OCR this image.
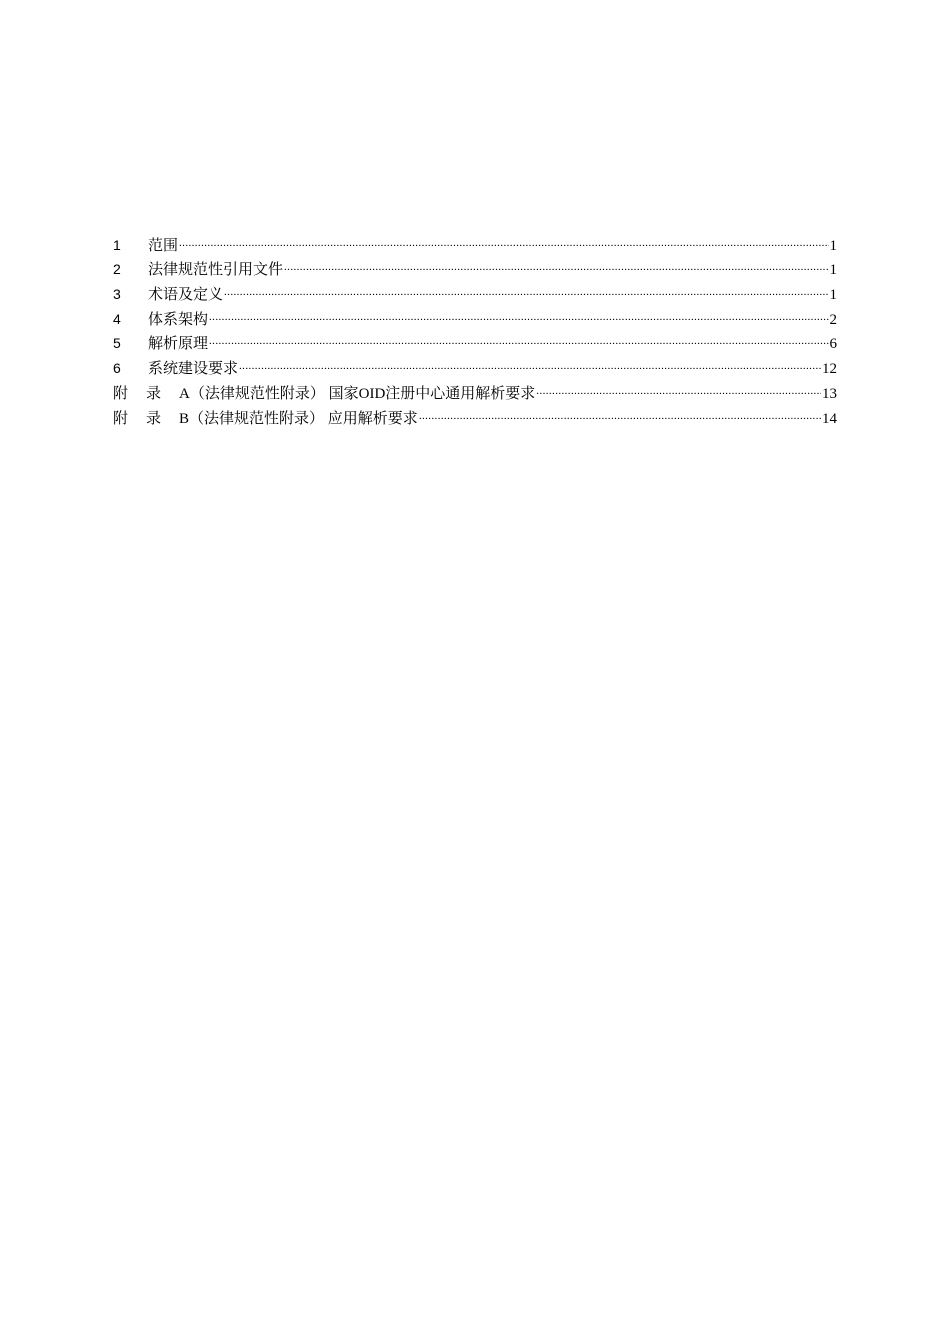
1	范围 .....	1
2	法律规范性引用文件 .....	1
3	术语及定义 .....	1
4	体系架构 .....	2
5	解析原理 .....	6
6	系统建设要求 .....	12
附 录 A （法律规范性附录） 国家OID注册中心通用解析要求 .....	13
附 录 B （法律规范性附录） 应用解析要求 .....	14
